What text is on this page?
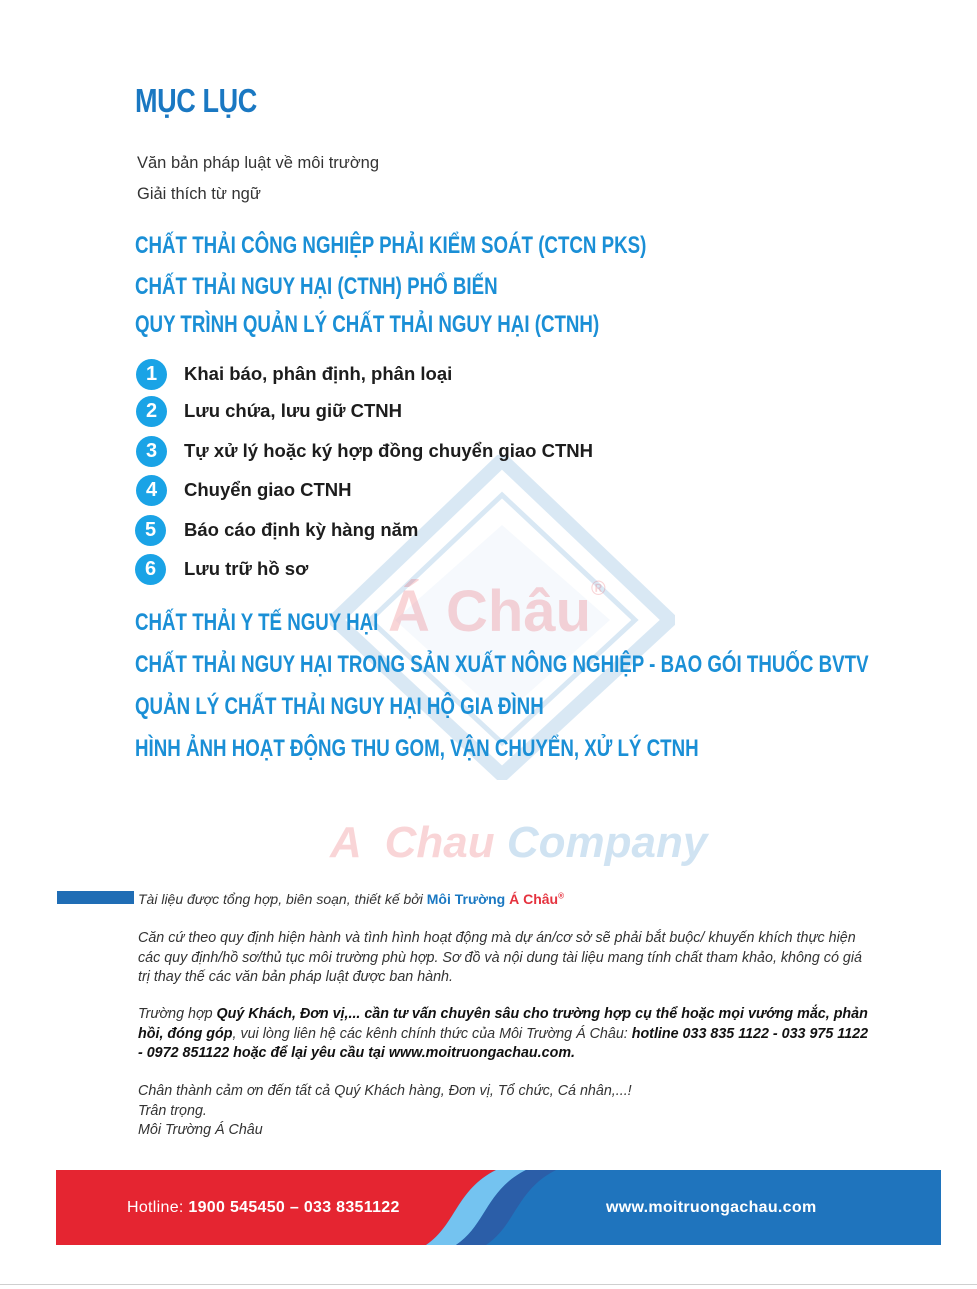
Á Châu®
A  Chau Company
MỤC LỤC
Văn bản pháp luật về môi trường
Giải thích từ ngữ
CHẤT THẢI CÔNG NGHIỆP PHẢI KIỂM SOÁT (CTCN PKS)
CHẤT THẢI NGUY HẠI (CTNH) PHỔ BIẾN
QUY TRÌNH QUẢN LÝ CHẤT THẢI NGUY HẠI (CTNH)
1	Khai báo, phân định, phân loại
2	Lưu chứa, lưu giữ CTNH
3	Tự xử lý hoặc ký hợp đồng chuyển giao CTNH
4	Chuyển giao CTNH
5	Báo cáo định kỳ hàng năm
6	Lưu trữ hồ sơ
CHẤT THẢI Y TẾ NGUY HẠI
CHẤT THẢI NGUY HẠI TRONG SẢN XUẤT NÔNG NGHIỆP - BAO GÓI THUỐC BVTV
QUẢN LÝ CHẤT THẢI NGUY HẠI HỘ GIA ĐÌNH
HÌNH ẢNH HOẠT ĐỘNG THU GOM, VẬN CHUYỂN, XỬ LÝ CTNH
Tài liệu được tổng hợp, biên soạn, thiết kế bởi Môi Trường Á Châu®
Căn cứ theo quy định hiện hành và tình hình hoạt động mà dự án/cơ sở sẽ phải bắt buộc/ khuyến khích thực hiện các quy định/hồ sơ/thủ tục môi trường phù hợp. Sơ đồ và nội dung tài liệu mang tính chất tham khảo, không có giá trị thay thế các văn bản pháp luật được ban hành.
Trường hợp Quý Khách, Đơn vị,... cần tư vấn chuyên sâu cho trường hợp cụ thể hoặc mọi vướng mắc, phản hồi, đóng góp, vui lòng liên hệ các kênh chính thức của Môi Trường Á Châu: hotline 033 835 1122 - 033 975 1122 - 0972 851122 hoặc để lại yêu cầu tại www.moitruongachau.com.
Chân thành cảm ơn đến tất cả Quý Khách hàng, Đơn vị, Tổ chức, Cá nhân,...!
Trân trọng.
Môi Trường Á Châu
Hotline: 1900 545450 – 033 8351122	www.moitruongachau.com
